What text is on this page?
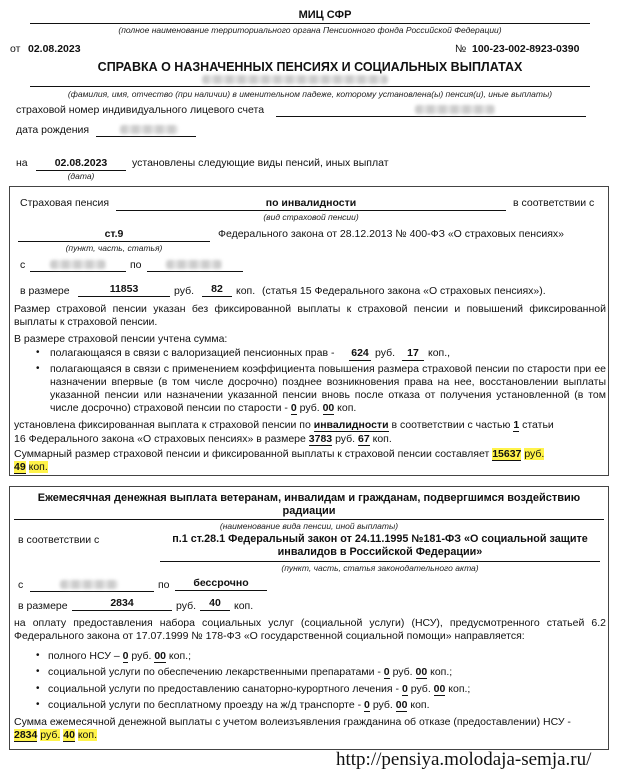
МИЦ СФР
(полное наименование территориального органа Пенсионного фонда Российской Федерации)
от 02.08.2023	№ 100-23-002-8923-0390
СПРАВКА О НАЗНАЧЕННЫХ ПЕНСИЯХ И СОЦИАЛЬНЫХ ВЫПЛАТАХ
(фамилия, имя, отчество (при наличии) в именительном падеже, которому установлена(ы) пенсия(и), иные выплаты)
страховой номер индивидуального лицевого счета
дата рождения
на	02.08.2023	установлены следующие виды пенсий, иных выплат
(дата)
Страховая пенсия	по инвалидности	в соответствии с
(вид страховой пенсии)
ст.9	Федерального закона от 28.12.2013 № 400-ФЗ «О страховых пенсиях»
(пункт, часть, статья)
с	по
в размере	11853	руб.	82	коп. (статья 15 Федерального закона «О страховых пенсиях»).
Размер страховой пенсии указан без фиксированной выплаты к страховой пенсии и повышений фиксированной выплаты к страховой пенсии.
В размере страховой пенсии учтена сумма:
• полагающаяся в связи с валоризацией пенсионных прав - 624 руб.	17 коп.,
• полагающаяся в связи с применением коэффициента повышения размера страховой пенсии по старости при ее назначении впервые (в том числе досрочно) позднее возникновения права на нее, восстановлении выплаты указанной пенсии или назначении указанной пенсии вновь после отказа от получения установленной (в том числе досрочно) страховой пенсии по старости - 0 руб. 00 коп.
установлена фиксированная выплата к страховой пенсии по инвалидности в соответствии с частью 1 статьи
16 Федерального закона «О страховых пенсиях» в размере 3783 руб. 67 коп.
Суммарный размер страховой пенсии и фиксированной выплаты к страховой пенсии составляет 15637 руб.
49 коп.
Ежемесячная денежная выплата ветеранам, инвалидам и гражданам, подвергшимся воздействию
радиации
(наименование вида пенсии, иной выплаты)
в соответствии с	п.1 ст.28.1 Федеральный закон от 24.11.1995 №181-ФЗ «О социальной защите
инвалидов в Российской Федерации»
(пункт, часть, статья законодательного акта)
с	по	бессрочно
в размере	2834	руб.	40	коп.
на оплату предоставления набора социальных услуг (социальной услуги) (НСУ), предусмотренного статьей 6.2 Федерального закона от 17.07.1999 № 178-ФЗ «О государственной социальной помощи» направляется:
• полного НСУ – 0 руб. 00 коп.;
• социальной услуги по обеспечению лекарственными препаратами - 0 руб. 00 коп.;
• социальной услуги по предоставлению санаторно-курортного лечения - 0 руб. 00 коп.;
• социальной услуги по бесплатному проезду на ж/д транспорте - 0 руб. 00 коп.
Сумма ежемесячной денежной выплаты с учетом волеизъявления гражданина об отказе (предоставлении) НСУ -
2834 руб. 40 коп.
http://pensiya.molodaja-semja.ru/
